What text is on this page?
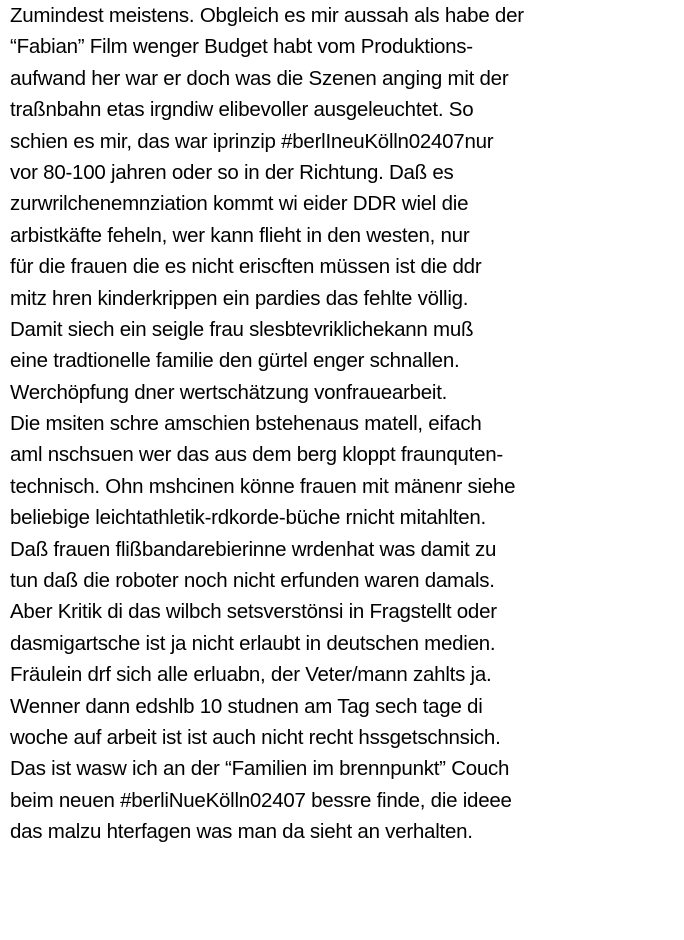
Zumindest meistens. Obgleich es mir aussah als habe der
“Fabian” Film wenger Budget habt vom Produktions-
aufwand her war er doch was die Szenen anging mit der
traßnbahn etas irgndiw elibevoller ausgeleuchtet. So
schien es mir, das war iprinzip #berlIneuKölln02407nur
vor 80-100 jahren oder so in der Richtung. Daß es
zurwrilchenemnziation kommt wi eider DDR wiel die
arbistkäfte feheln, wer kann flieht in den westen, nur
für die frauen die es nicht eriscften müssen ist die ddr
mitz hren kinderkrippen ein pardies das fehlte völlig.
Damit siech ein seigle frau slesbtevriklichekann muß
eine tradtionelle familie den gürtel enger schnallen.
Werchöpfung dner wertschätzung vonfrauearbeit.
Die msiten schre amschien bstehenaus matell, eifach
aml nschsuen wer das aus dem berg kloppt fraunquten-
technisch. Ohn mshcinen könne frauen mit mänenr siehe
beliebige leichtathletik-rdkorde-büche rnicht mitahlten.
Daß frauen flißbandarebierinne wrdenhat was damit zu
tun daß die roboter noch nicht erfunden waren damals.
Aber Kritik di das wilbch setsverstönsi in Fragstellt oder
dasmigartsche ist ja nicht erlaubt in deutschen medien.
Fräulein drf sich alle erluabn, der Veter/mann zahlts ja.
Wenner dann edshlb 10 studnen am Tag sech tage di
woche auf arbeit ist ist auch nicht recht hssgetschnsich.
Das ist wasw ich an der “Familien im brennpunkt” Couch
beim neuen #berliNueKölln02407 bessre finde, die ideee
das malzu hterfagen was man da sieht an verhalten.
